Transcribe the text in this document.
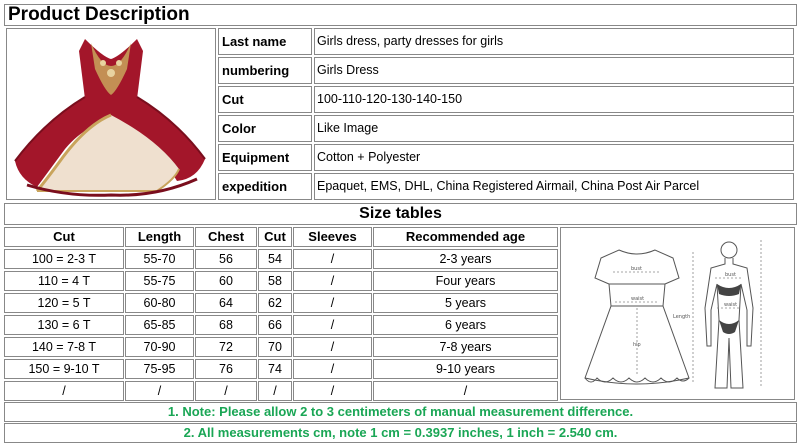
Product Description
Last name	Girls dress, party dresses for girls
numbering	Girls Dress
Cut	100-110-120-130-140-150
Color	Like Image
Equipment	Cotton + Polyester
expedition	Epaquet, EMS, DHL, China Registered Airmail, China Post Air Parcel
Size tables
Cut	Length	Chest	Cut	Sleeves	Recommended age
100 = 2-3 T	55-70	56	54	/	2-3 years
110 = 4 T	55-75	60	58	/	Four years
120 = 5 T	60-80	64	62	/	5 years
130 = 6 T	65-85	68	66	/	6 years
140 = 7-8 T	70-90	72	70	/	7-8 years
150 = 9-10 T	75-95	76	74	/	9-10 years
/	/	/	/	/	/
bust
waist
hip
Length
bust
waist
1. Note: Please allow 2 to 3 centimeters of manual measurement difference.
2. All measurements cm, note 1 cm = 0.3937 inches, 1 inch = 2.540 cm.
